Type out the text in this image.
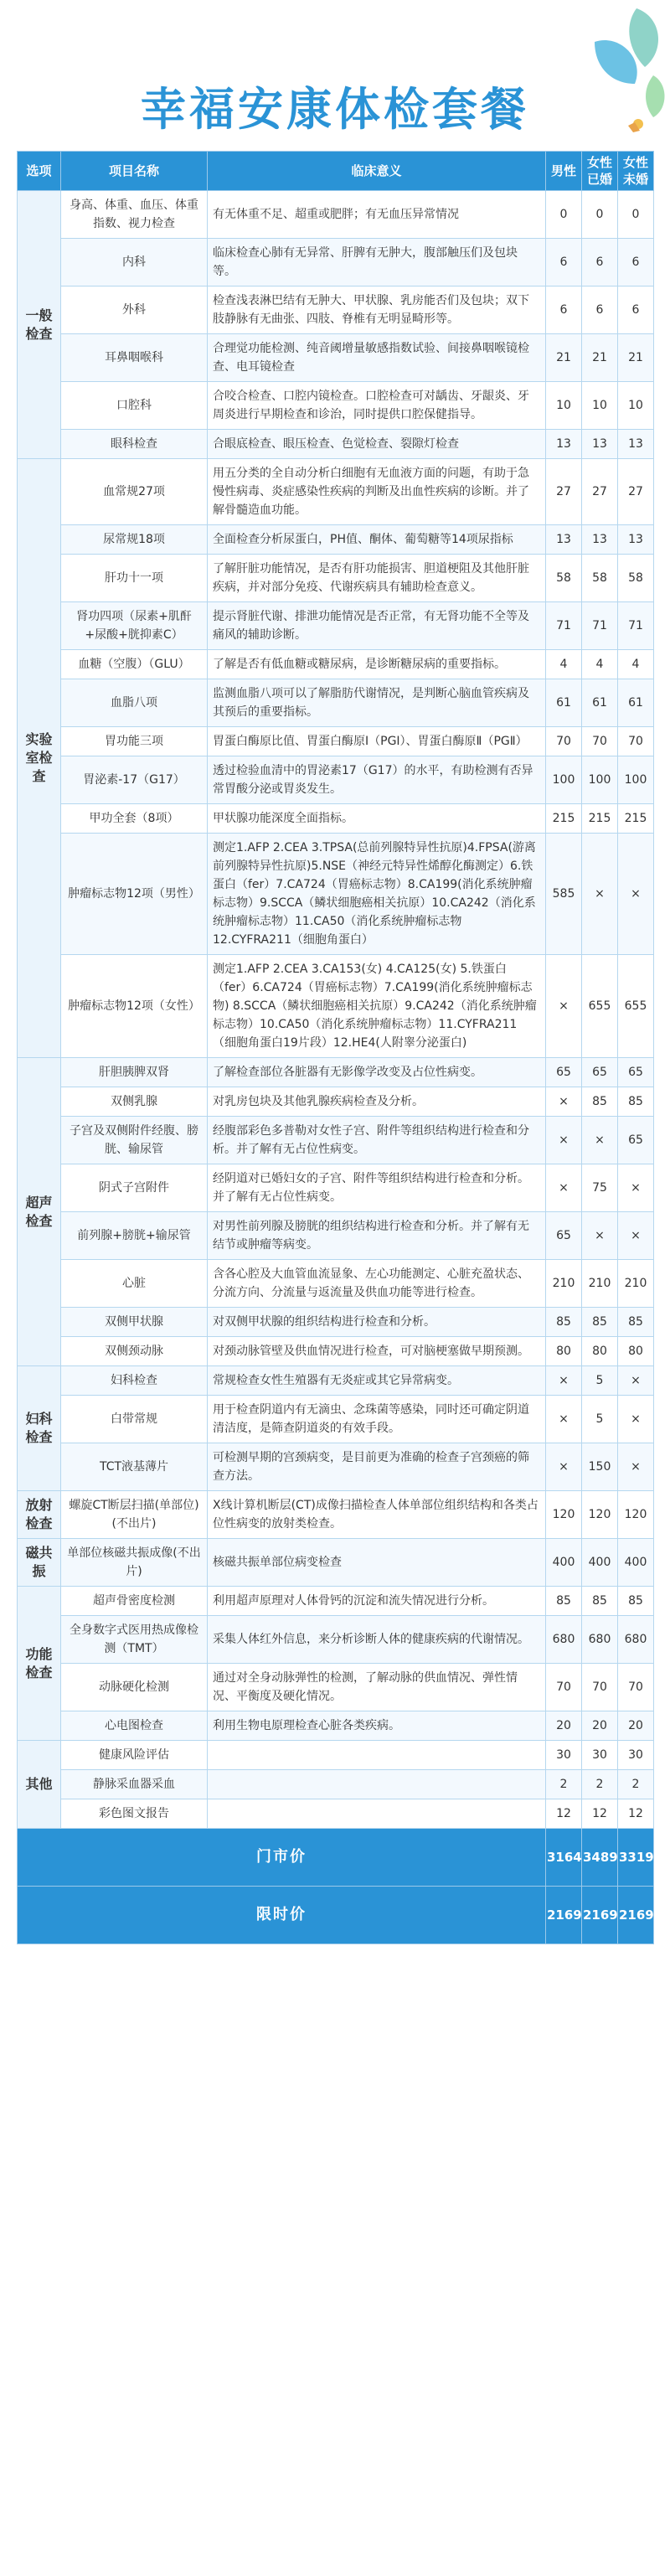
幸福安康体检套餐
选项	项目名称	临床意义	男性	女性已婚	女性未婚
一般检查	身高、体重、血压、体重指数、视力检查	有无体重不足、超重或肥胖；有无血压异常情况	0	0	0
	内科	临床检查心肺有无异常、肝脾有无肿大，腹部触压们及包块等。	6	6	6
	外科	检查浅表淋巴结有无肿大、甲状腺、乳房能否们及包块；双下肢静脉有无曲张、四肢、脊椎有无明显畸形等。	6	6	6
	耳鼻咽喉科	合理觉功能检测、纯音阈增量敏感指数试验、间接鼻咽喉镜检查、电耳镜检查	21	21	21
	口腔科	合咬合检查、口腔内镜检查。口腔检查可对龋齿、牙龈炎、牙周炎进行早期检查和诊治，同时提供口腔保健指导。	10	10	10
	眼科检查	合眼底检查、眼压检查、色觉检查、裂隙灯检查	13	13	13
实验室检查	血常规27项	用五分类的全自动分析白细胞有无血液方面的问题，有助于急慢性病毒、炎症感染性疾病的判断及出血性疾病的诊断。并了解骨髓造血功能。	27	27	27
	尿常规18项	全面检查分析尿蛋白，PH值、酮体、葡萄糖等14项尿指标	13	13	13
	肝功十一项	了解肝脏功能情况，是否有肝功能损害、胆道梗阻及其他肝脏疾病，并对部分免疫、代谢疾病具有辅助检查意义。	58	58	58
	肾功四项（尿素+肌酐+尿酸+胱抑素C）	提示肾脏代谢、排泄功能情况是否正常，有无肾功能不全等及痛风的辅助诊断。	71	71	71
	血糖（空腹）（GLU）	了解是否有低血糖或糖尿病，是诊断糖尿病的重要指标。	4	4	4
	血脂八项	监测血脂八项可以了解脂肪代谢情况，是判断心脑血管疾病及其预后的重要指标。	61	61	61
	胃功能三项	胃蛋白酶原比值、胃蛋白酶原Ⅰ（PGⅠ）、胃蛋白酶原Ⅱ（PGⅡ）	70	70	70
	胃泌素-17（G17）	透过检验血清中的胃泌素17（G17）的水平，有助检测有否异常胃酸分泌或胃炎发生。	100	100	100
	甲功全套（8项）	甲状腺功能深度全面指标。	215	215	215
	肿瘤标志物12项（男性）	测定1.AFP 2.CEA 3.TPSA(总前列腺特异性抗原)4.FPSA(游离前列腺特异性抗原)5.NSE（神经元特异性烯醇化酶测定）6.铁蛋白（fer）7.CA724（胃癌标志物）8.CA199(消化系统肿瘤标志物）9.SCCA（鳞状细胞癌相关抗原）10.CA242（消化系统肿瘤标志物）11.CA50（消化系统肿瘤标志物12.CYFRA211（细胞角蛋白）	585	×	×
	肿瘤标志物12项（女性）	测定1.AFP 2.CEA 3.CA153(女) 4.CA125(女) 5.铁蛋白（fer）6.CA724（胃癌标志物）7.CA199(消化系统肿瘤标志物) 8.SCCA（鳞状细胞癌相关抗原）9.CA242（消化系统肿瘤标志物）10.CA50（消化系统肿瘤标志物）11.CYFRA211（细胞角蛋白19片段）12.HE4(人附睾分泌蛋白)	×	655	655
超声检查	肝胆胰脾双肾	了解检查部位各脏器有无影像学改变及占位性病变。	65	65	65
	双侧乳腺	对乳房包块及其他乳腺疾病检查及分析。	×	85	85
	子宫及双侧附件经腹、膀胱、输尿管	经腹部彩色多普勒对女性子宫、附件等组织结构进行检查和分析。并了解有无占位性病变。	×	×	65
	阴式子宫附件	经阴道对已婚妇女的子宫、附件等组织结构进行检查和分析。并了解有无占位性病变。	×	75	×
	前列腺+膀胱+输尿管	对男性前列腺及膀胱的组织结构进行检查和分析。并了解有无结节或肿瘤等病变。	65	×	×
	心脏	含各心腔及大血管血流显象、左心功能测定、心脏充盈状态、分流方向、分流量与返流量及供血功能等进行检查。	210	210	210
	双侧甲状腺	对双侧甲状腺的组织结构进行检查和分析。	85	85	85
	双侧颈动脉	对颈动脉管壁及供血情况进行检查，可对脑梗塞做早期预测。	80	80	80
妇科检查	妇科检查	常规检查女性生殖器有无炎症或其它异常病变。	×	5	×
	白带常规	用于检查阴道内有无滴虫、念珠菌等感染，同时还可确定阴道清洁度，是筛查阴道炎的有效手段。	×	5	×
	TCT液基薄片	可检测早期的宫颈病变，是目前更为准确的检查子宫颈癌的筛查方法。	×	150	×
放射检查	螺旋CT断层扫描(单部位)(不出片)	X线计算机断层(CT)成像扫描检查人体单部位组织结构和各类占位性病变的放射类检查。	120	120	120
磁共振	单部位核磁共振成像(不出片)	核磁共振单部位病变检查	400	400	400
功能检查	超声骨密度检测	利用超声原理对人体骨钙的沉淀和流失情况进行分析。	85	85	85
	全身数字式医用热成像检测（TMT）	采集人体红外信息，来分析诊断人体的健康疾病的代谢情况。	680	680	680
	动脉硬化检测	通过对全身动脉弹性的检测，了解动脉的供血情况、弹性情况、平衡度及硬化情况。	70	70	70
	心电图检查	利用生物电原理检查心脏各类疾病。	20	20	20
其他	健康风险评估		30	30	30
	静脉采血器采血		2	2	2
	彩色图文报告		12	12	12
门市价			3164	3489	3319
限时价			2169	2169	2169
